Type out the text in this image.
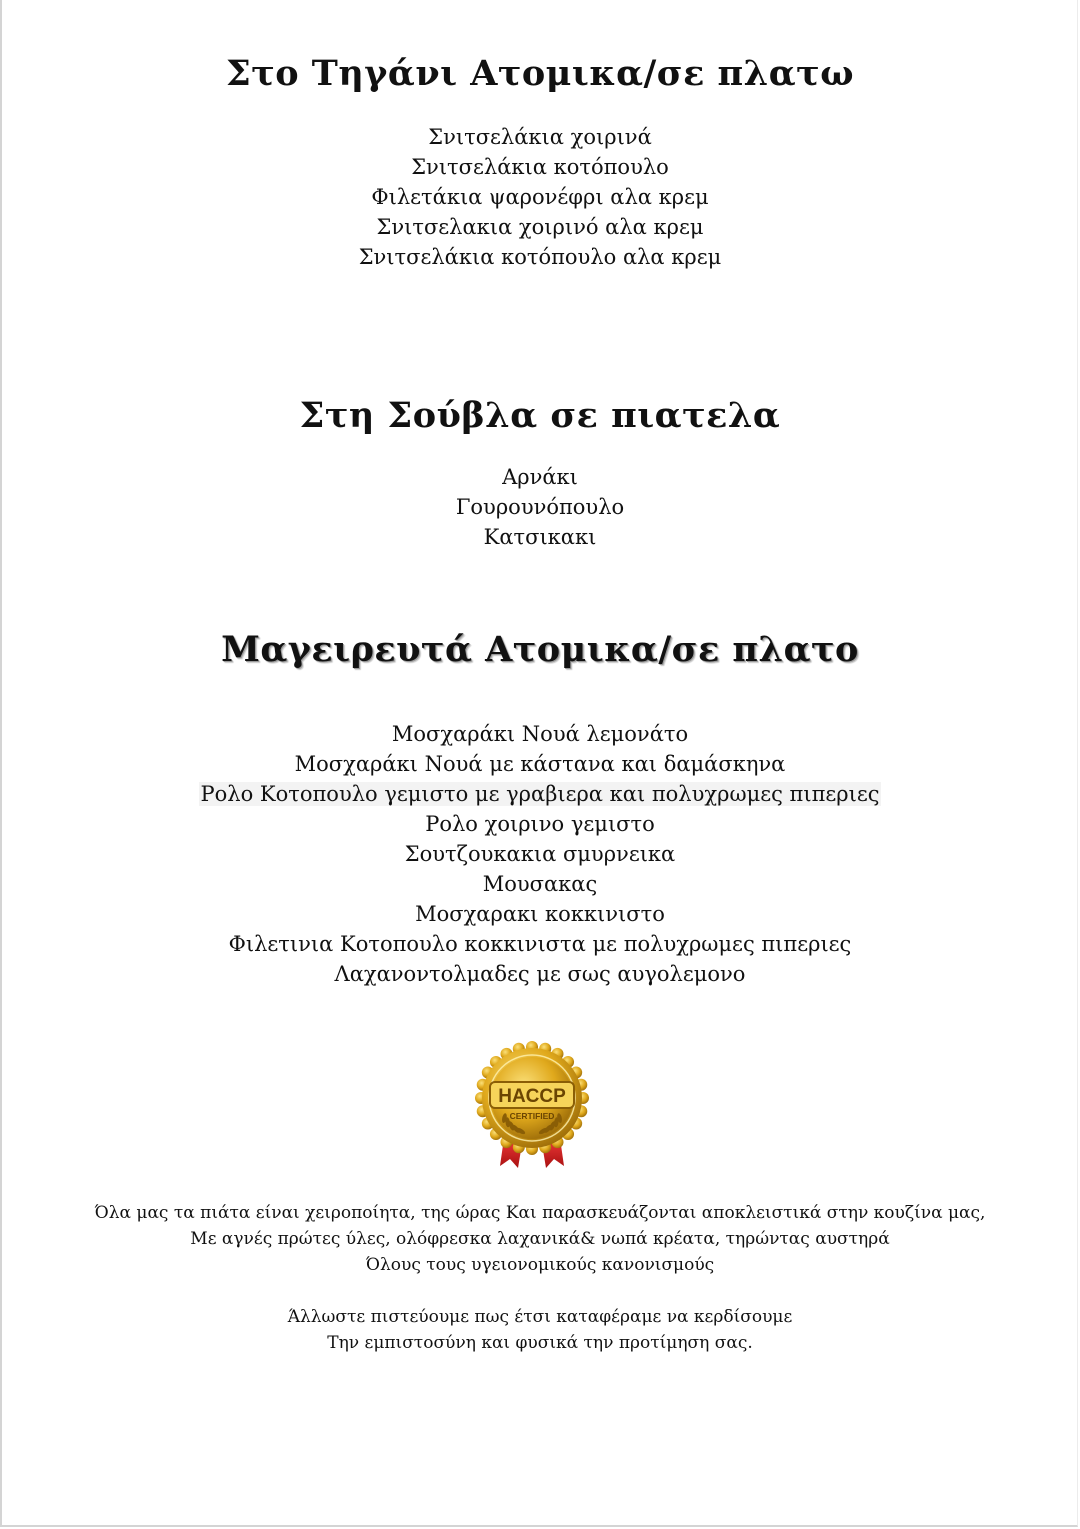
Στο Τηγάνι Ατομικα/σε πλατω
Σνιτσελάκια χοιρινά
Σνιτσελάκια κοτόπουλο
Φιλετάκια ψαρονέφρι αλα κρεμ
Σνιτσελακια χοιρινό αλα κρεμ
Σνιτσελάκια κοτόπουλο αλα κρεμ
Στη Σούβλα σε πιατελα
Αρνάκι
Γουρουνόπουλο
Κατσικακι
Μαγειρευτά Ατομικα/σε πλατο
Μοσχαράκι Νουά λεμονάτο
Μοσχαράκι Νουά με κάστανα και δαμάσκηνα
Ρολο Κοτοπουλο γεμιστο με γραβιερα και πολυχρωμες πιπεριες
Ρολο χοιρινο γεμιστο
Σουτζουκακια σμυρνεικα
Μουσακας
Μοσχαρακι κοκκινιστο
Φιλετινια Κοτοπουλο κοκκινιστα με πολυχρωμες πιπεριες
Λαχανοντολμαδες με σως αυγολεμονο
HACCP
CERTIFIED

Όλα μας τα πιάτα είναι χειροποίητα, της ώρας Και παρασκευάζονται αποκλειστικά στην κουζίνα μας,

Με αγνές πρώτες ύλες, ολόφρεσκα λαχανικά& νωπά κρέατα, τηρώντας αυστηρά

Όλους τους υγειονομικούς κανονισμούς

Άλλωστε πιστεύουμε πως έτσι καταφέραμε να κερδίσουμε

Την εμπιστοσύνη και φυσικά την προτίμηση σας.
